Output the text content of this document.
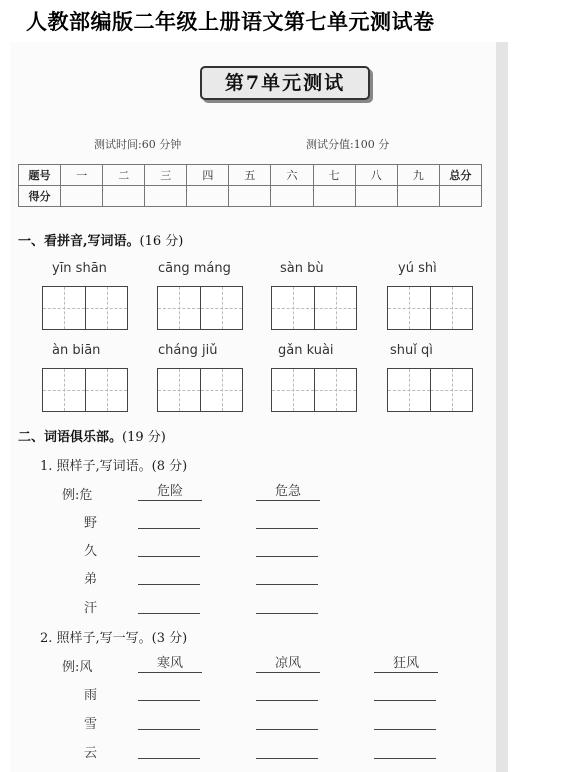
人教部编版二年级上册语文第七单元测试卷
第7单元测试
测试时间:60 分钟	测试分值:100 分
题号	一	二	三	四	五	六	七	八	九	总分
得分										
一、看拼音,写词语。(16 分)
yīn shān	cāng máng	sàn bù	yú shì
àn biān	cháng jiǔ	gǎn kuài	shuǐ qì
二、词语俱乐部。(19 分)
1. 照样子,写词语。(8 分)
例:危	危险	危急
野
久
弟
汗
2. 照样子,写一写。(3 分)
例:风	寒风	凉风	狂风
雨
雪
云
